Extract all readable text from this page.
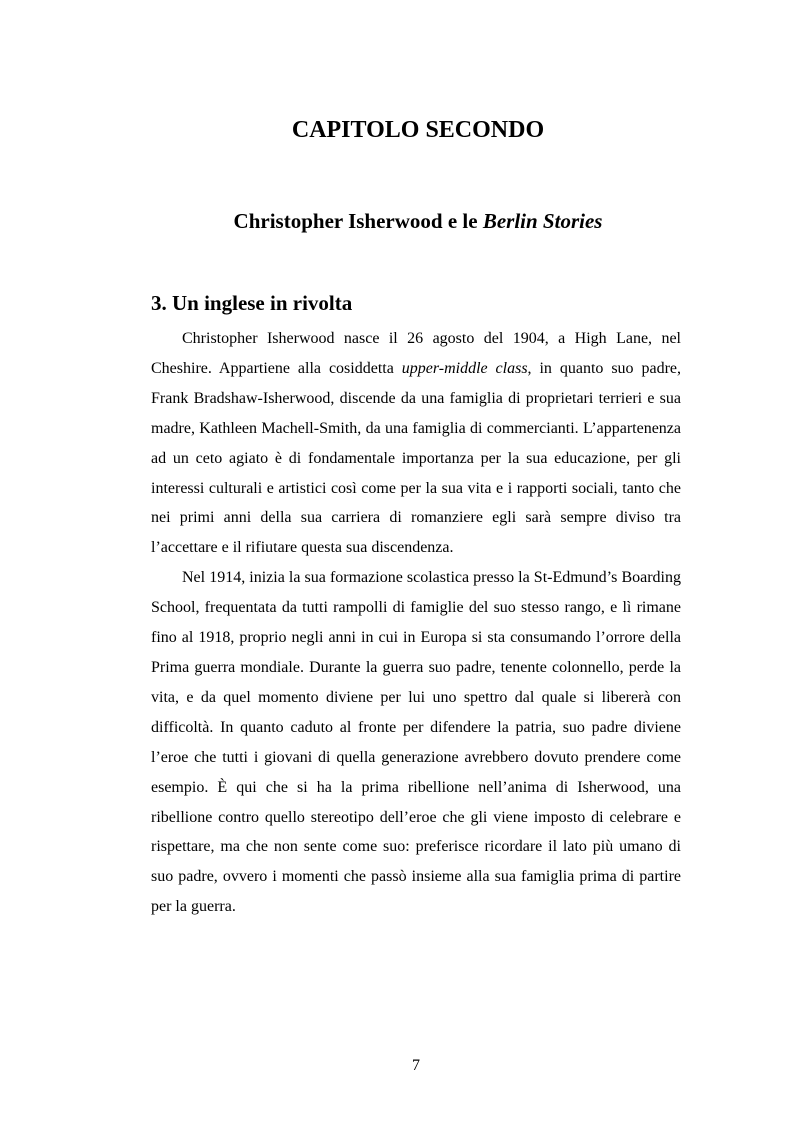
CAPITOLO SECONDO
Christopher Isherwood e le Berlin Stories
3. Un inglese in rivolta

Christopher Isherwood nasce il 26 agosto del 1904, a High Lane, nel Cheshire. Appartiene alla cosiddetta upper-middle class, in quanto suo padre, Frank Bradshaw-Isherwood, discende da una famiglia di proprietari terrieri e sua madre, Kathleen Machell-Smith, da una famiglia di commercianti. L’appartenenza ad un ceto agiato è di fondamentale importanza per la sua educazione, per gli interessi culturali e artistici così come per la sua vita e i rapporti sociali, tanto che nei primi anni della sua carriera di romanziere egli sarà sempre diviso tra l’accettare e il rifiutare questa sua discendenza.

Nel 1914, inizia la sua formazione scolastica presso la St-Edmund’s Boarding School, frequentata da tutti rampolli di famiglie del suo stesso rango, e lì rimane fino al 1918, proprio negli anni in cui in Europa si sta consumando l’orrore della Prima guerra mondiale. Durante la guerra suo padre, tenente colonnello, perde la vita, e da quel momento diviene per lui uno spettro dal quale si libererà con difficoltà. In quanto caduto al fronte per difendere la patria, suo padre diviene l’eroe che tutti i giovani di quella generazione avrebbero dovuto prendere come esempio. È qui che si ha la prima ribellione nell’anima di Isherwood, una ribellione contro quello stereotipo dell’eroe che gli viene imposto di celebrare e rispettare, ma che non sente come suo: preferisce ricordare il lato più umano di suo padre, ovvero i momenti che passò insieme alla sua famiglia prima di partire per la guerra.

7
